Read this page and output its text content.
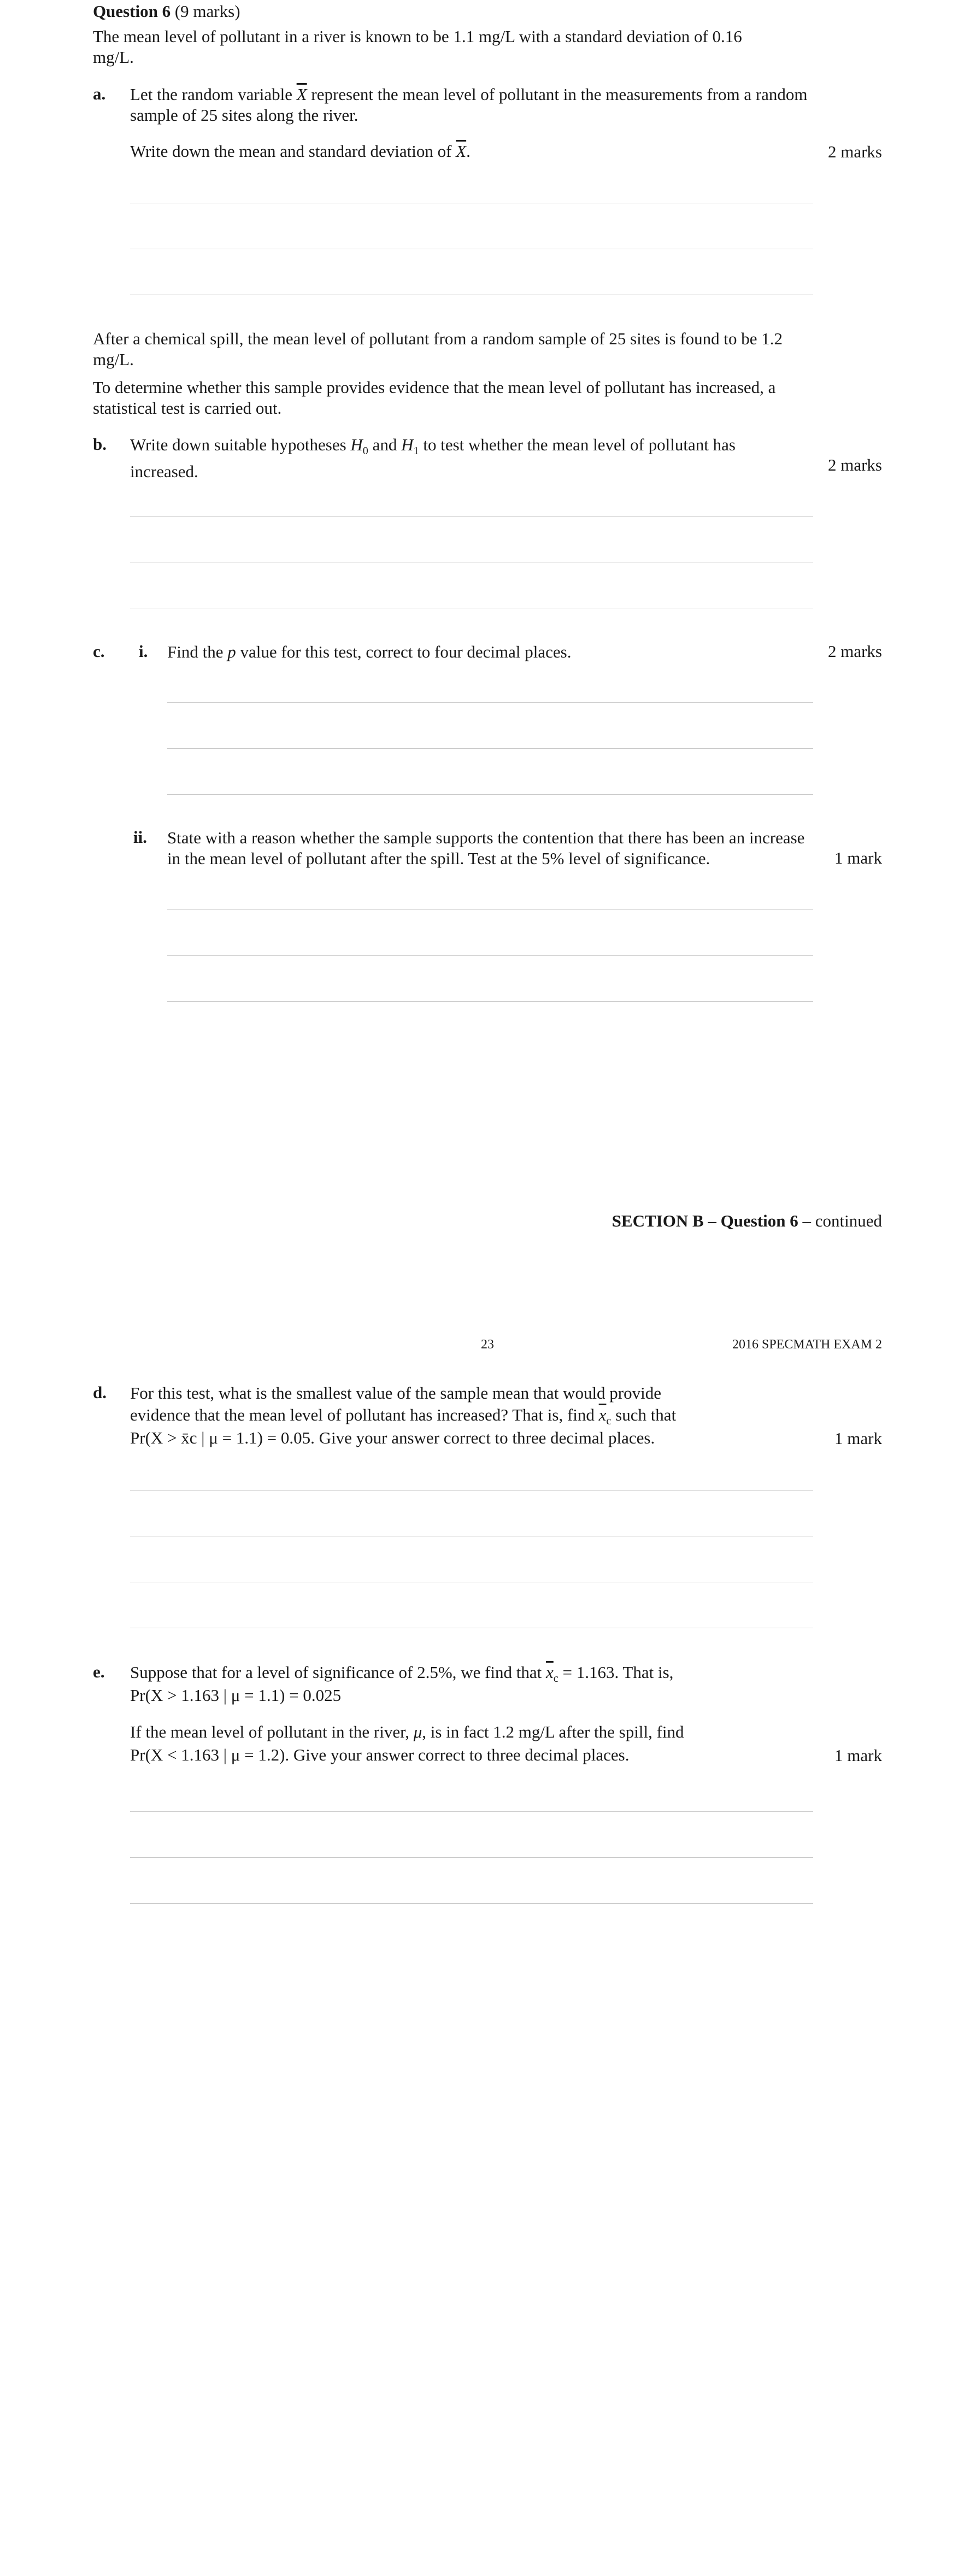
Question 6 (9 marks)
The mean level of pollutant in a river is known to be 1.1 mg/L with a standard deviation of 0.16 mg/L.
a. Let the random variable $\overline{X}$ represent the mean level of pollutant in the measurements from a random sample of 25 sites along the river.
Write down the mean and standard deviation of $\overline{X}$.	2 marks
After a chemical spill, the mean level of pollutant from a random sample of 25 sites is found to be 1.2 mg/L.
To determine whether this sample provides evidence that the mean level of pollutant has increased, a statistical test is carried out.
b. Write down suitable hypotheses $H_0$ and $H_1$ to test whether the mean level of pollutant has increased.	2 marks
c. i. Find the p value for this test, correct to four decimal places.	2 marks
ii. State with a reason whether the sample supports the contention that there has been an increase in the mean level of pollutant after the spill. Test at the 5% level of significance.	1 mark
SECTION B – Question 6 – continued
23	2016 SPECMATH EXAM 2
d. For this test, what is the smallest value of the sample mean that would provide
evidence that the mean level of pollutant has increased? That is, find $\overline{x}_c$ such that
Pr(X > x̄c | μ = 1.1) = 0.05. Give your answer correct to three decimal places.	1 mark
e. Suppose that for a level of significance of 2.5%, we find that $\overline{x}_c = 1.163$. That is,
Pr(X > 1.163 | μ = 1.1) = 0.025
If the mean level of pollutant in the river, μ, is in fact 1.2 mg/L after the spill, find
Pr(X < 1.163 | μ = 1.2). Give your answer correct to three decimal places.	1 mark
